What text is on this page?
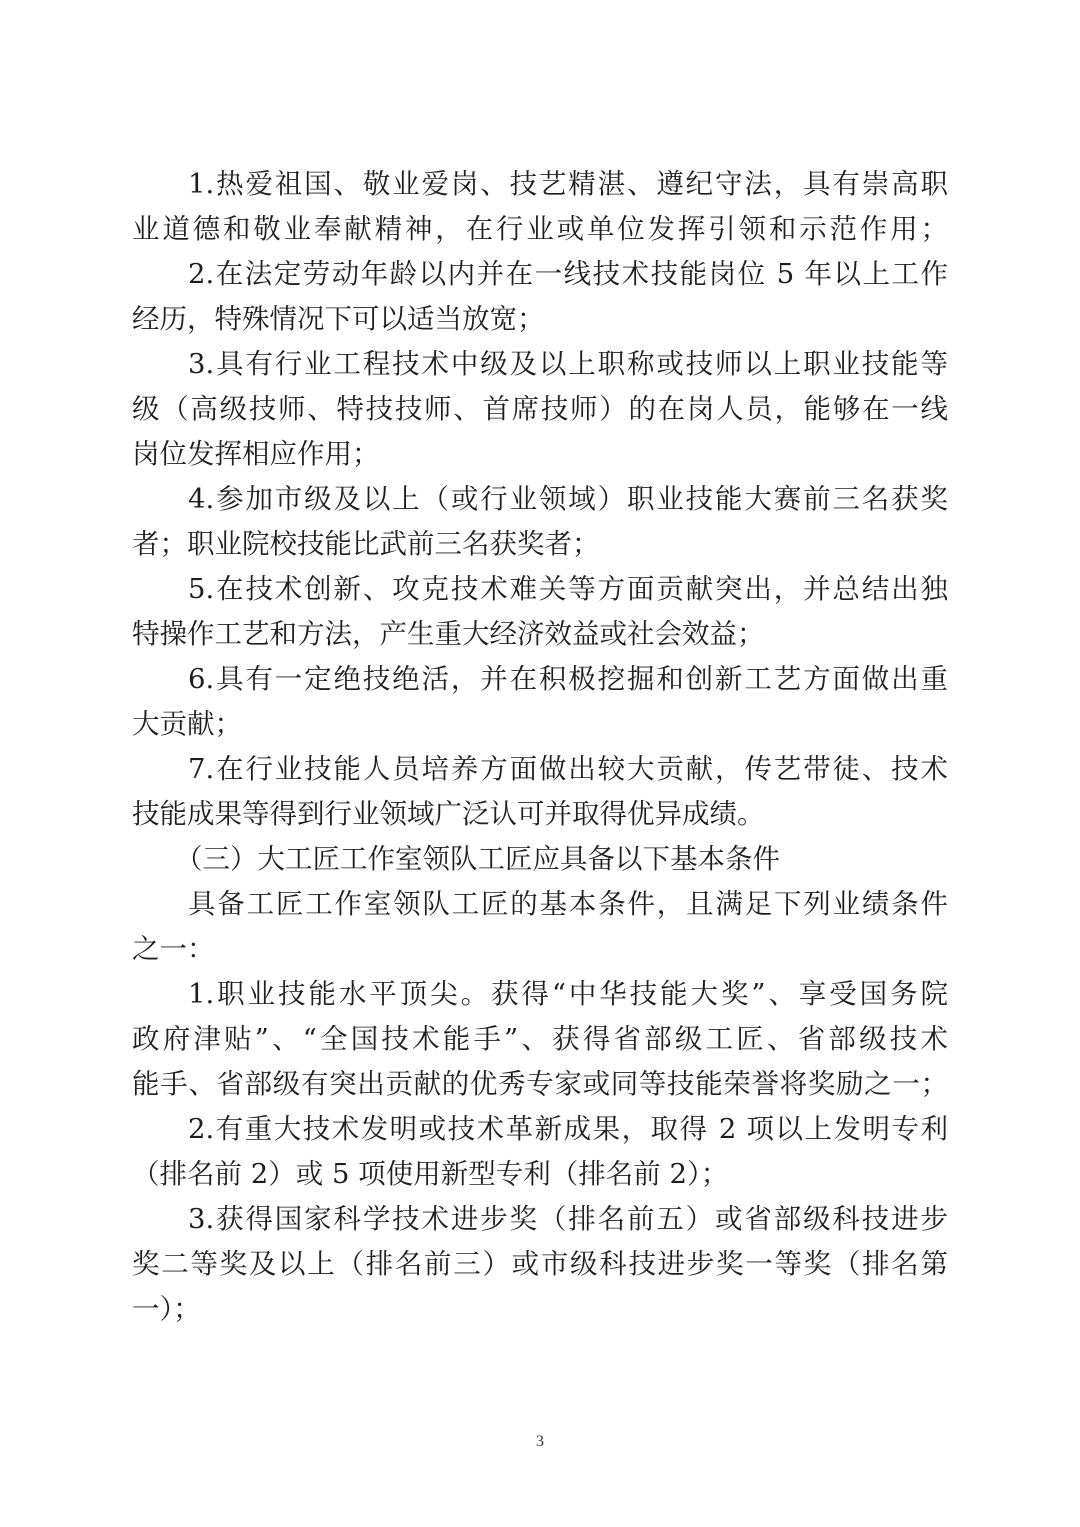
1.热爱祖国、敬业爱岗、技艺精湛、遵纪守法，具有崇高职
业道德和敬业奉献精神，在行业或单位发挥引领和示范作用；
2.在法定劳动年龄以内并在一线技术技能岗位 5 年以上工作
经历，特殊情况下可以适当放宽；
3.具有行业工程技术中级及以上职称或技师以上职业技能等
级（高级技师、特技技师、首席技师）的在岗人员，能够在一线
岗位发挥相应作用；
4.参加市级及以上（或行业领域）职业技能大赛前三名获奖
者；职业院校技能比武前三名获奖者；
5.在技术创新、攻克技术难关等方面贡献突出，并总结出独
特操作工艺和方法，产生重大经济效益或社会效益；
6.具有一定绝技绝活，并在积极挖掘和创新工艺方面做出重
大贡献；
7.在行业技能人员培养方面做出较大贡献，传艺带徒、技术
技能成果等得到行业领域广泛认可并取得优异成绩。
（三）大工匠工作室领队工匠应具备以下基本条件
具备工匠工作室领队工匠的基本条件，且满足下列业绩条件
之一：
1.职业技能水平顶尖。获得“中华技能大奖”、享受国务院
政府津贴”、“全国技术能手”、获得省部级工匠、省部级技术
能手、省部级有突出贡献的优秀专家或同等技能荣誉将奖励之一；
2.有重大技术发明或技术革新成果，取得 2 项以上发明专利
（排名前 2）或 5 项使用新型专利（排名前 2）；
3.获得国家科学技术进步奖（排名前五）或省部级科技进步
奖二等奖及以上（排名前三）或市级科技进步奖一等奖（排名第
一）；
3
